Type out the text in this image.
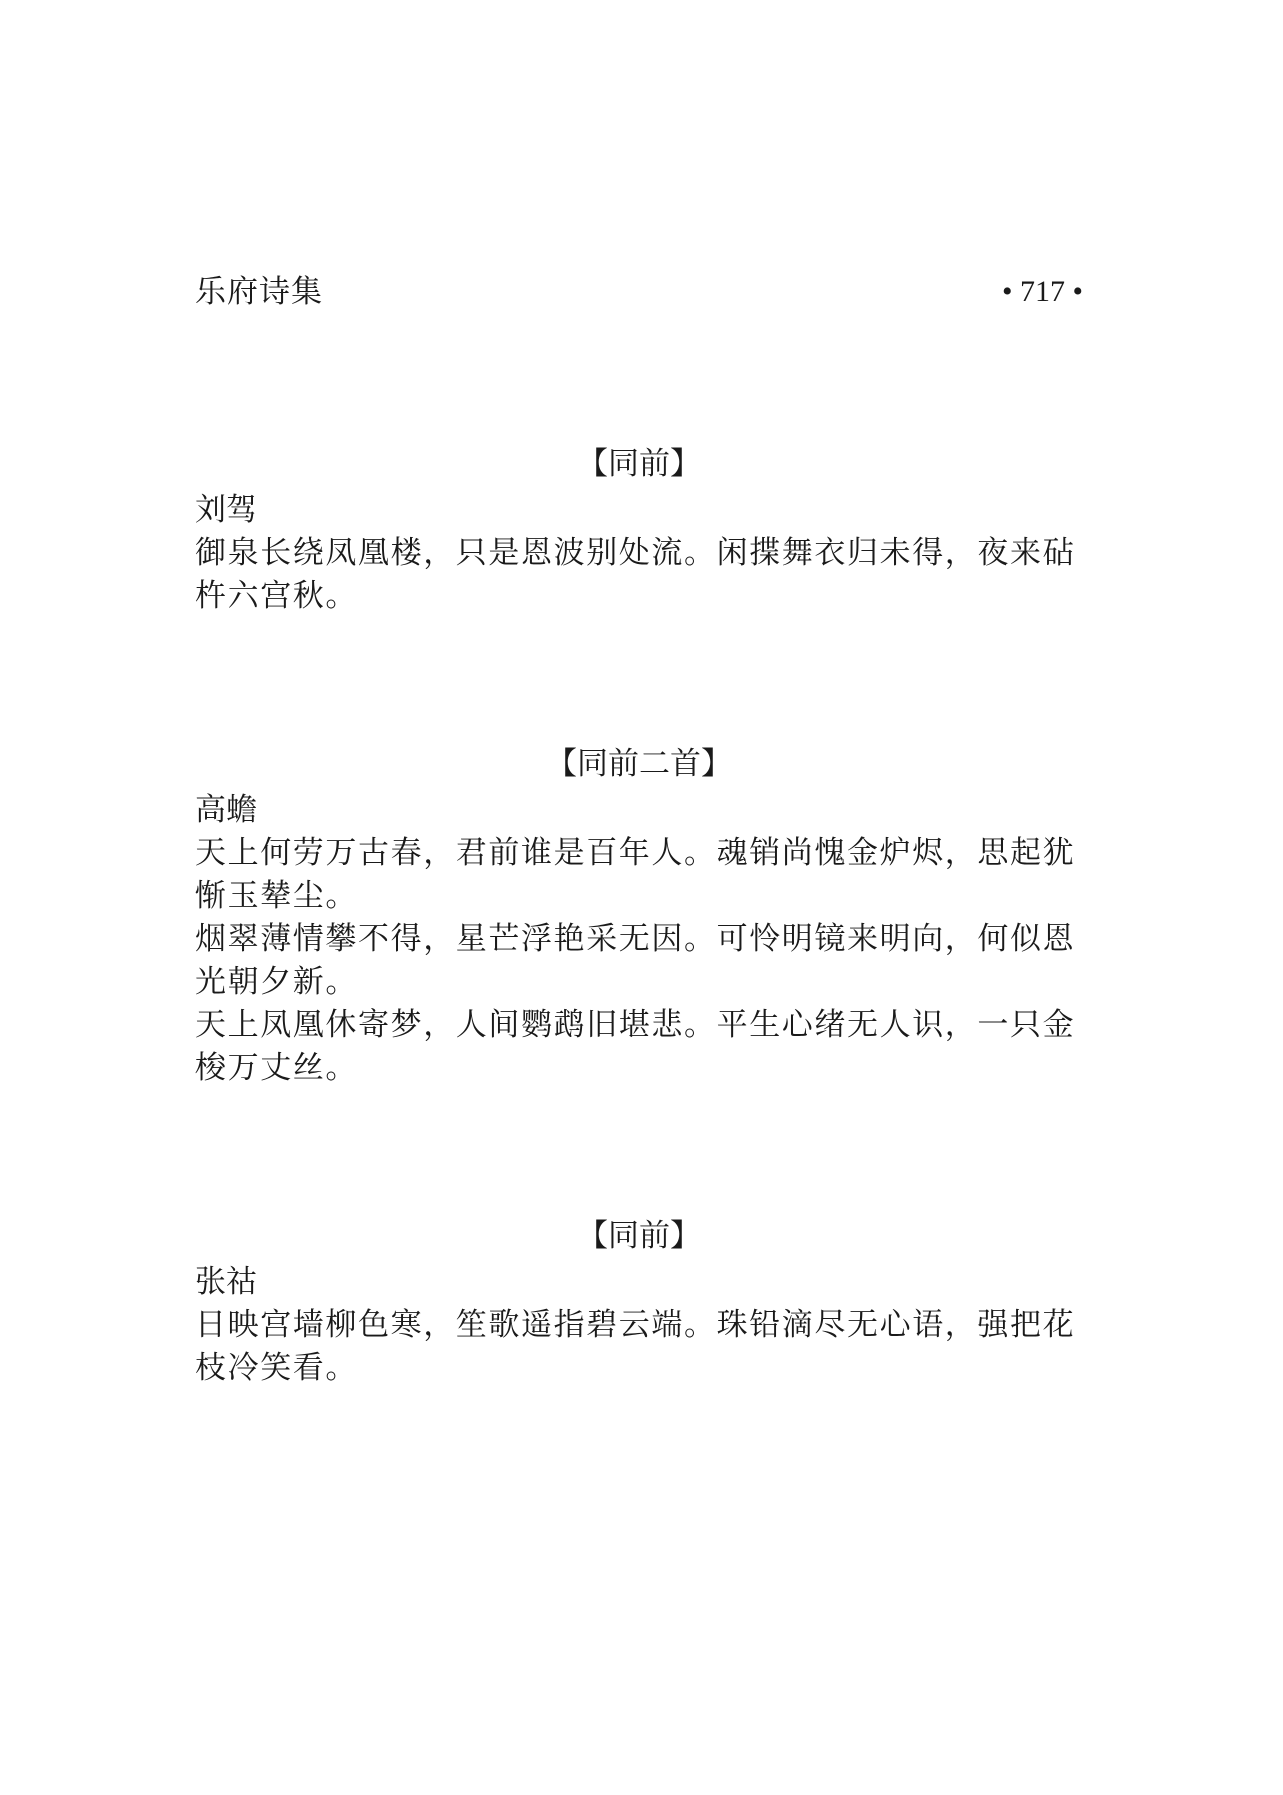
乐府诗集	• 717 •
【同前】
刘驾
御泉长绕凤凰楼，只是恩波别处流。闲揲舞衣归未得，夜来砧杵六宫秋。
【同前二首】
高蟾
天上何劳万古春，君前谁是百年人。魂销尚愧金炉烬，思起犹惭玉辇尘。
烟翠薄情攀不得，星芒浮艳采无因。可怜明镜来明向，何似恩光朝夕新。
天上凤凰休寄梦，人间鹦鹉旧堪悲。平生心绪无人识，一只金梭万丈丝。
【同前】
张祜
日映宫墙柳色寒，笙歌遥指碧云端。珠铅滴尽无心语，强把花枝冷笑看。
